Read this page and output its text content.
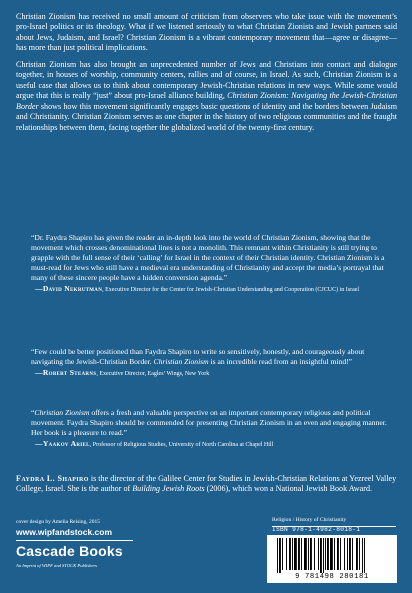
Christian Zionism has received no small amount of criticism from observers who take issue with the movement’s pro-Israel politics or its theology. What if we listened seriously to what Christian Zionists and Jewish partners said about Jews, Judaism, and Israel? Christian Zionism is a vibrant contemporary movement that—agree or disagree— has more than just political implications.

Christian Zionism has also brought an unprecedented number of Jews and Christians into contact and dialogue together, in houses of worship, community centers, rallies and of course, in Israel. As such, Christian Zionism is a useful case that allows us to think about contemporary Jewish-Christian relations in new ways. While some would argue that this is really “just” about pro-Israel alliance building, Christian Zionism: Navigating the Jewish-Christian Border shows how this movement significantly engages basic questions of identity and the borders between Judaism and Christianity. Christian Zionism serves as one chapter in the history of two religious communities and the fraught relationships between them, facing together the globalized world of the twenty-first century.

“Dr. Faydra Shapiro has given the reader an in-depth look into the world of Christian Zionism, showing that the movement which crosses denominational lines is not a monolith. This remnant within Christianity is still trying to grapple with the full sense of their ‘calling’ for Israel in the context of their Christian identity. Christian Zionism is a must-read for Jews who still have a medieval era understanding of Christianity and accept the media’s portrayal that many of these sincere people have a hidden conversion agenda.”
—David Nekrutman, Executive Director for the Center for Jewish-Christian Understanding and Cooperation (CJCUC) in Israel
“Few could be better positioned than Faydra Shapiro to write so sensitively, honestly, and courageously about navigating the Jewish-Christian Border. Christian Zionism is an incredible read from an insightful mind!”
—Robert Stearns, Executive Director, Eagles’ Wings, New York
“Christian Zionism offers a fresh and valuable perspective on an important contemporary religious and political movement. Faydra Shapiro should be commended for presenting Christian Zionism in an even and engaging manner. Her book is a pleasure to read.”
—Yaakov Ariel, Professor of Religious Studies, University of North Carolina at Chapel Hill
Faydra L. Shapiro is the director of the Galilee Center for Studies in Jewish-Christian Relations at Yezreel Valley College, Israel. She is the author of Building Jewish Roots (2006), which won a National Jewish Book Award.
cover design by Amelia Reising, 2015
www.wipfandstock.com
Cascade Books
An Imprint of WIPF and STOCK Publishers
Religion / History of Christianity
ISBN 978-1-4982-8018-1
9 781498 280181
